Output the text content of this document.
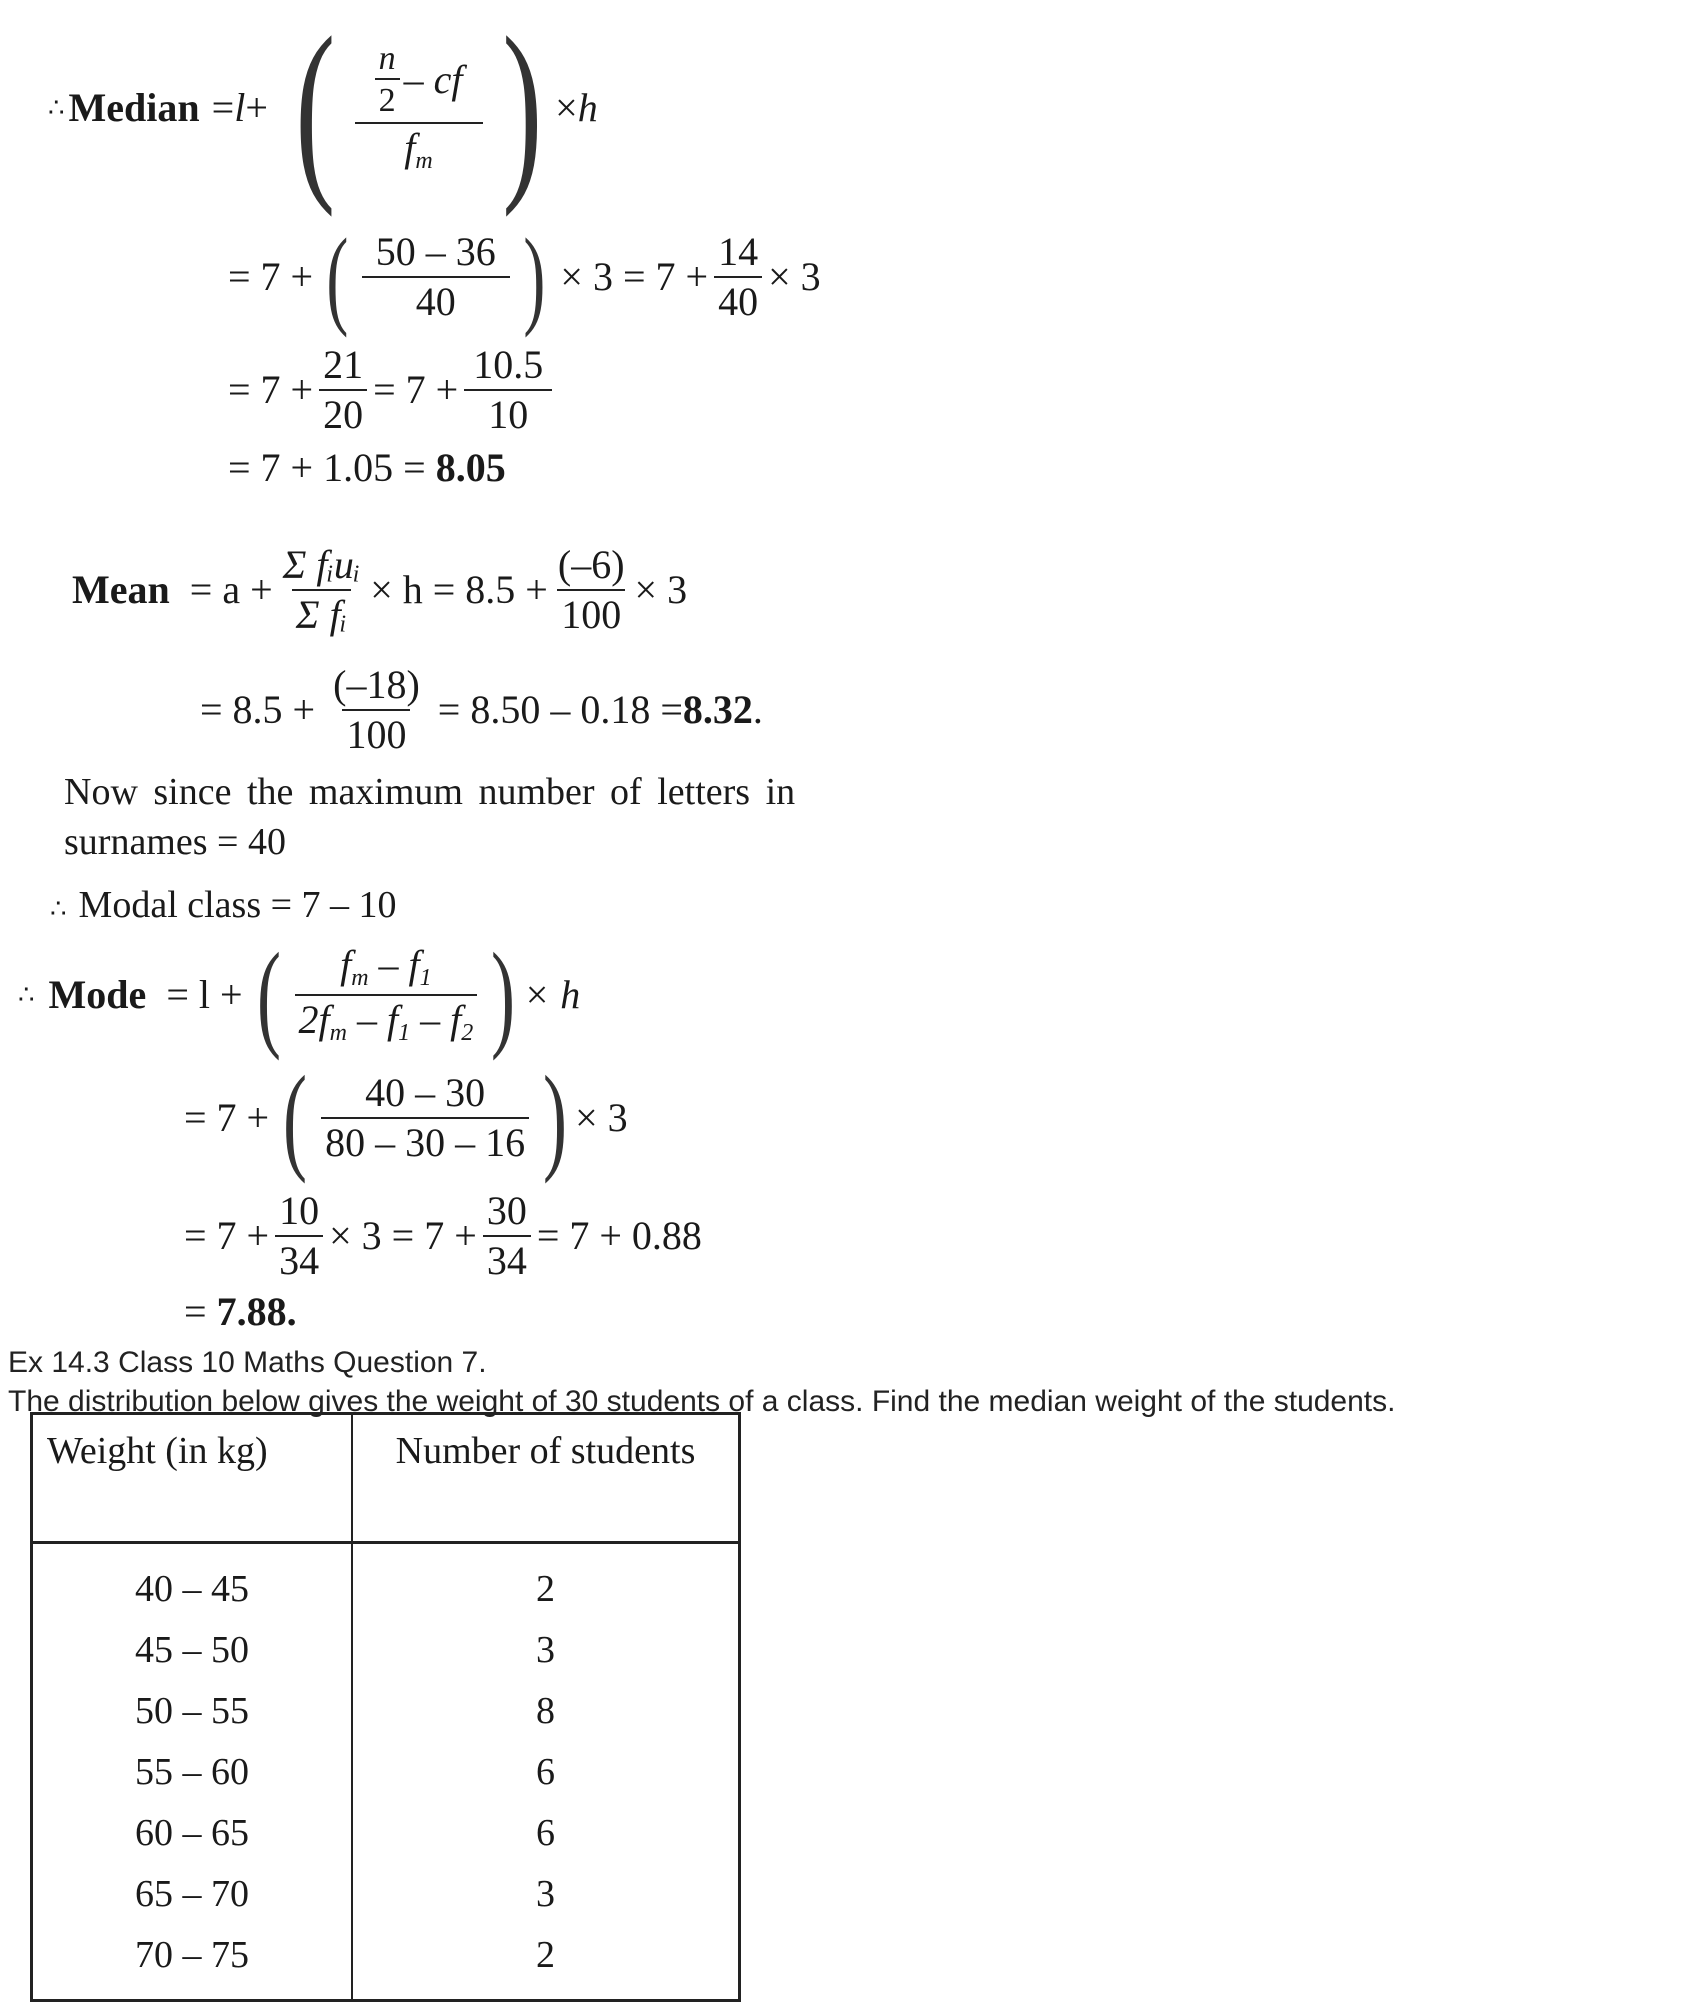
∴ Median = l + ( $\frac{\frac{n}{2} - cf}{f_m}$ ) × h
= 7 + ( $\frac{50 - 36}{40}$ ) × $3 = 7 + \frac{14}{40} \times 3$
= $7 + \frac{21}{20} = 7 + \frac{10.5}{10}$
= 7 + 1.05 = 8.05
Mean = $a + \frac{\text{Σ fᵢuᵢ}}{\text{Σ fᵢ}} \times h = 8.5 + \frac{(-6)}{100} \times 3$
= $8.5 + \frac{(-18)}{100} = 8.50 - 0.18 = 8.32$ .
Now since the maximum number of letters in
surnames = 40
∴ Modal class = 7 – 10
∴ Mode = l + ( $\frac{f_m - f_1}{2f_m - f_1 - f_2}$ ) × h
= 7 + ( $\frac{40 - 30}{80 - 30 - 16}$ ) × 3
= $7 + \frac{10}{34} \times 3 = 7 + \frac{30}{34} = 7 + 0.88$
= 7.88.
Ex 14.3 Class 10 Maths Question 7.
The distribution below gives the weight of 30 students of a class. Find the median weight of the students.
Weight (in kg)	Number of students
40 – 45	2
45 – 50	3
50 – 55	8
55 – 60	6
60 – 65	6
65 – 70	3
70 – 75	2
